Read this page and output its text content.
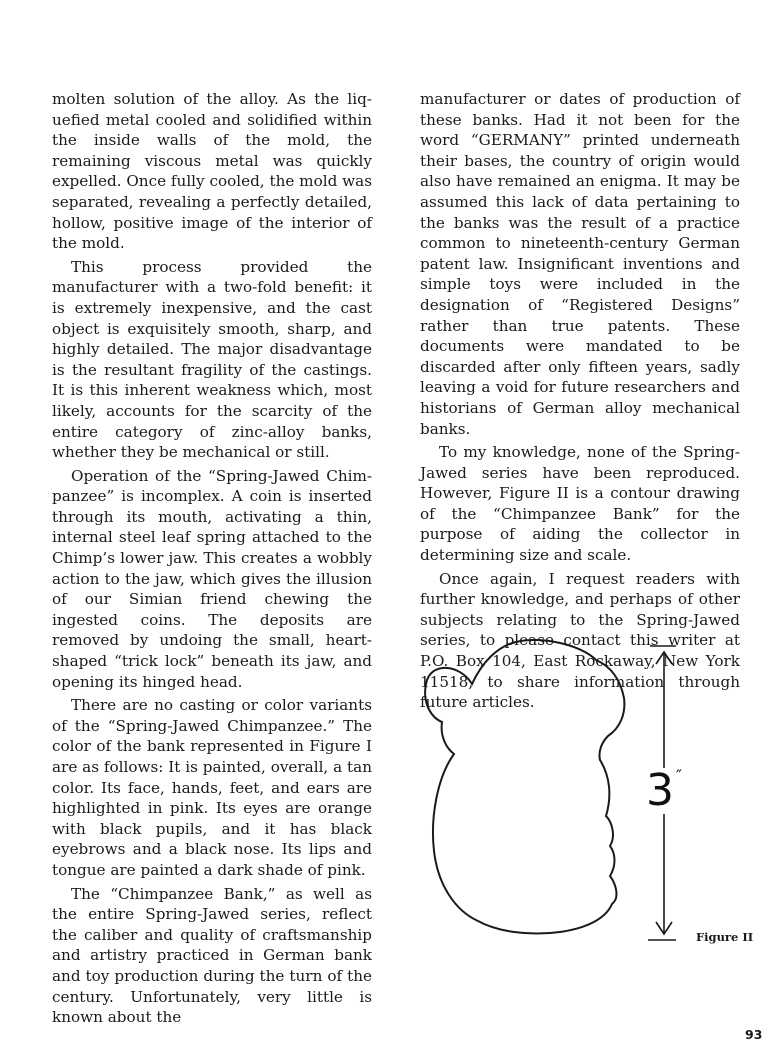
molten solution of the alloy. As the liquefied metal cooled and solidified within the inside walls of the mold, the remaining viscous metal was quickly expelled. Once fully cooled, the mold was separated, revealing a perfectly detailed, hollow, positive image of the interior of the mold.

This process provided the manufacturer with a two-fold benefit: it is extremely inexpensive, and the cast object is exquisitely smooth, sharp, and highly detailed. The major disadvantage is the resultant fragility of the castings. It is this inherent weakness which, most likely, accounts for the scarcity of the entire category of zinc-alloy banks, whether they be mechanical or still.

Operation of the “Spring-Jawed Chimpanzee” is incomplex. A coin is inserted through its mouth, activating a thin, internal steel leaf spring attached to the Chimp’s lower jaw. This creates a wobbly action to the jaw, which gives the illusion of our Simian friend chewing the ingested coins. The deposits are removed by undoing the small, heart-shaped “trick lock” beneath its jaw, and opening its hinged head.

There are no casting or color variants of the “Spring-Jawed Chimpanzee.” The color of the bank represented in Figure I are as follows: It is painted, overall, a tan color. Its face, hands, feet, and ears are highlighted in pink. Its eyes are orange with black pupils, and it has black eyebrows and a black nose. Its lips and tongue are painted a dark shade of pink.

The “Chimpanzee Bank,” as well as the entire Spring-Jawed series, reflect the caliber and quality of craftsmanship and artistry practiced in German bank and toy production during the turn of the century. Unfortunately, very little is known about the

manufacturer or dates of production of these banks. Had it not been for the word “GERMANY” printed underneath their bases, the country of origin would also have remained an enigma. It may be assumed this lack of data pertaining to the banks was the result of a practice common to nineteenth-century German patent law. Insignificant inventions and simple toys were included in the designation of “Registered Designs” rather than true patents. These documents were mandated to be discarded after only fifteen years, sadly leaving a void for future researchers and historians of German alloy mechanical banks.

To my knowledge, none of the Spring-Jawed series have been reproduced. However, Figure II is a contour drawing of the “Chimpanzee Bank” for the purpose of aiding the collector in determining size and scale.

Once again, I request readers with further knowledge, and perhaps of other subjects relating to the Spring-Jawed series, to please contact this writer at P.O. Box 104, East Rockaway, New York 11518, to share information through future articles.

3 ″
Figure II
93
